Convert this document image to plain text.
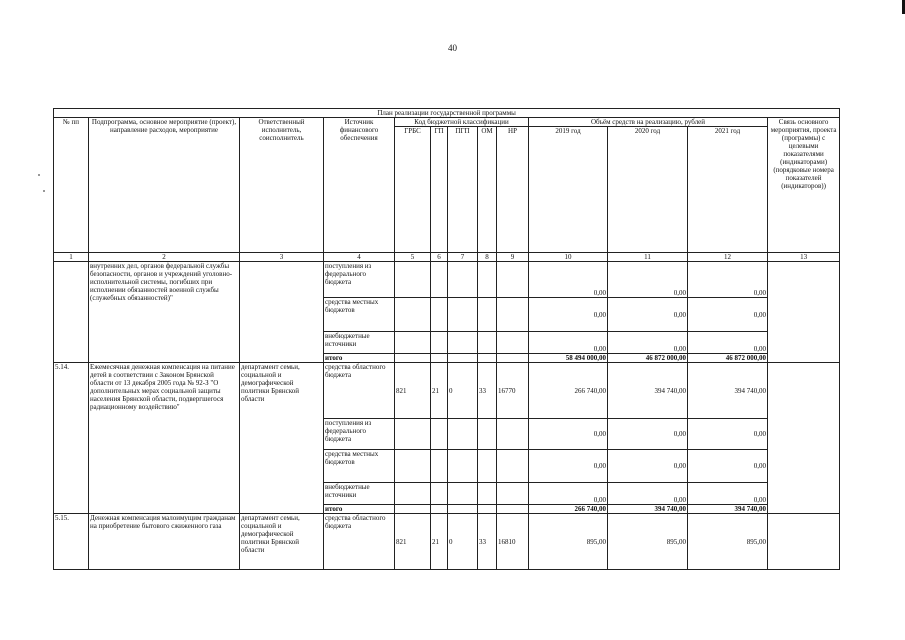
40
План реализации государственной программы												
№ пп	Подпрограмма, основное мероприятие (проект), направление расходов, мероприятие	Ответственный исполнитель, соисполнитель	Источник финансового обеспечения	Код бюджетной классификации					Объём средств на реализацию, рублей			Связь основного мероприятия, проекта (программы) с целевыми показателями (индикаторами) (порядковые номера показателей (индикаторов))
				ГРБС	ГП	ПГП	ОМ	НР	2019 год	2020 год	2021 год	
1	2	3	4	5	6	7	8	9	10	11	12	13
	внутренних дел, органов федеральной службы безопасности, органов и учреждений уголовно-исполнительной системы, погибших при исполнении обязанностей военной службы (служебных обязанностей)"		поступления из федерального бюджета						0,00	0,00	0,00	
			средства местных бюджетов						0,00	0,00	0,00	
			внебюджетные источники						0,00	0,00	0,00	
			итого						58 494 000,00	46 872 000,00	46 872 000,00	
5.14.	Ежемесячная денежная компенсация на питание детей в соответствии с Законом Брянской области от 13 декабря 2005 года № 92-З "О дополнительных мерах социальной защиты населения Брянской области, подвергшегося радиационному воздействию"	департамент семьи, социальной и демографической политики Брянской области	средства областного бюджета	821	21	0	33	16770	266 740,00	394 740,00	394 740,00	
			поступления из федерального бюджета						0,00	0,00	0,00	
			средства местных бюджетов						0,00	0,00	0,00	
			внебюджетные источники						0,00	0,00	0,00	
			итого						266 740,00	394 740,00	394 740,00	
5.15.	Денежная компенсация малоимущим гражданам на приобретение бытового сжиженного газа	департамент семьи, социальной и демографической политики Брянской области	средства областного бюджета	821	21	0	33	16810	895,00	895,00	895,00	
